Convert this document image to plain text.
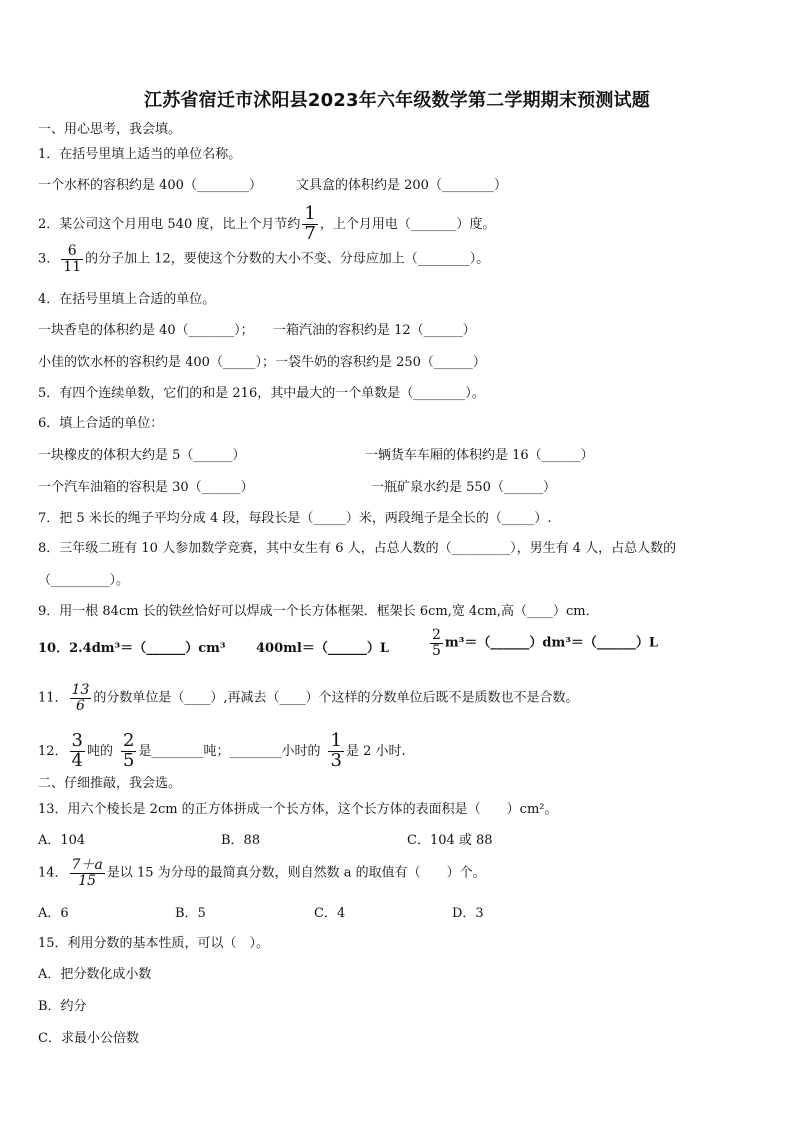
江苏省宿迁市沭阳县2023年六年级数学第二学期期末预测试题
一、用心思考，我会填。
1．在括号里填上适当的单位名称。
一个水杯的容积约是 400（________）	文具盒的体积约是 200（________）
2．某公司这个月用电 540 度，比上个月节约 $\frac{1}{7}$ ，上个月用电（_______）度。
3． $\frac{6}{11}$ 的分子加上 12，要使这个分数的大小不变、分母应加上（________）。
4．在括号里填上合适的单位。
一块香皂的体积约是 40（_______）； 一箱汽油的容积约是 12（______）
小佳的饮水杯的容积约是 400（_____）；一袋牛奶的容积约是 250（______）
5．有四个连续单数，它们的和是 216，其中最大的一个单数是（________）。
6．填上合适的单位：
一块橡皮的体积大约是 5（______）	一辆货车车厢的体积约是 16（______）
一个汽车油箱的容积是 30（______）	一瓶矿泉水约是 550（______）
7．把 5 米长的绳子平均分成 4 段，每段长是（_____）米，两段绳子是全长的（_____）.
8．三年级二班有 10 人参加数学竞赛，其中女生有 6 人，占总人数的（_________），男生有 4 人，占总人数的
（_________）。
9．用一根 84cm 长的铁丝恰好可以焊成一个长方体框架．框架长 6cm,宽 4cm,高（____）cm．
10．2.4dm³＝（______）cm³ 400ml＝（______）L	$\frac{2}{5}$ m³＝（______）dm³＝（______）L
11． $\frac{13}{6}$ 的分数单位是（____）,再减去（____）个这样的分数单位后既不是质数也不是合数。
12． $\frac{3}{4}$ 吨的 $\frac{2}{5}$ 是________吨；________小时的 $\frac{1}{3}$ 是 2 小时.
二、仔细推敲，我会选。
13．用六个棱长是 2cm 的正方体拼成一个长方体，这个长方体的表面积是（　　）cm²。
A．104	B．88	C．104 或 88
14． $\frac{7+a}{15}$ 是以 15 为分母的最简真分数，则自然数 a 的取值有（　　）个。
A．6	B．5	C．4	D．3
15．利用分数的基本性质，可以（　）。
A．把分数化成小数
B．约分
C．求最小公倍数
